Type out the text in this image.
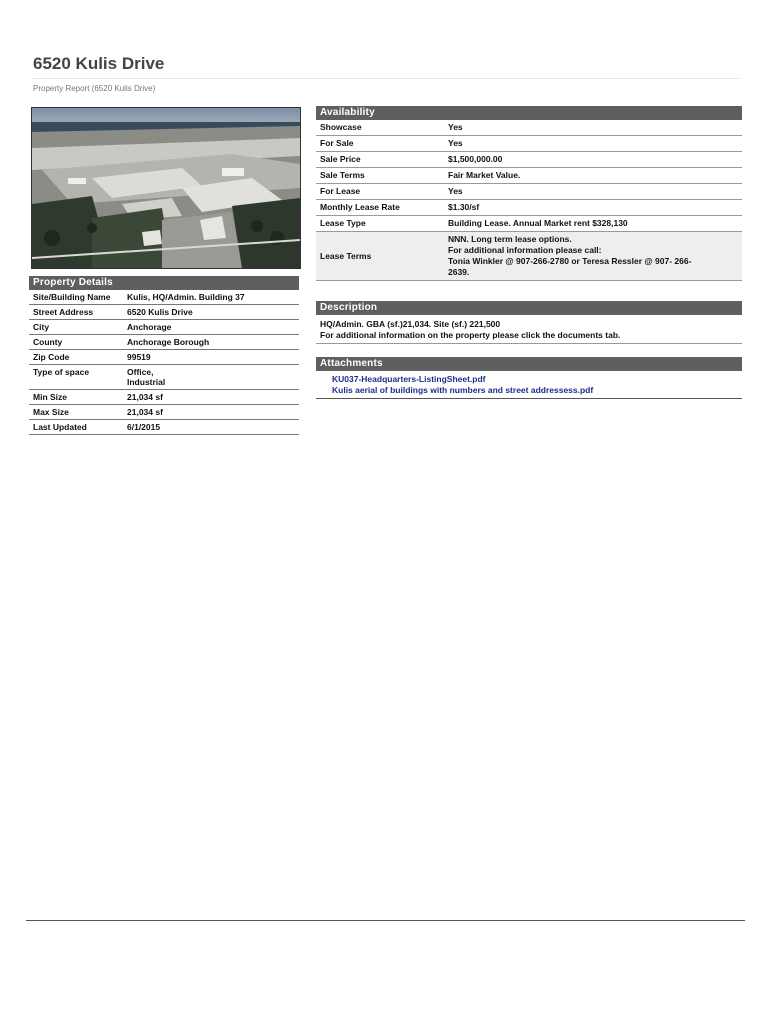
6520 Kulis Drive
Property Report (6520 Kulis Drive)
Property Details
Site/Building Name	Kulis, HQ/Admin. Building 37
Street Address	6520 Kulis Drive
City	Anchorage
County	Anchorage Borough
Zip Code	99519
Type of space	Office,
Industrial
Min Size	21,034 sf
Max Size	21,034 sf
Last Updated	6/1/2015
Availability
Showcase	Yes
For Sale	Yes
Sale Price	$1,500,000.00
Sale Terms	Fair Market Value.
For Lease	Yes
Monthly Lease Rate	$1.30/sf
Lease Type	Building Lease. Annual Market rent $328,130
Lease Terms	NNN. Long term lease options.
For additional information please call:
Tonia Winkler @ 907-266-2780 or Teresa Ressler @ 907- 266-
2639.
Description
HQ/Admin. GBA (sf.)21,034. Site (sf.) 221,500
For additional information on the property please click the documents tab.
Attachments
KU037-Headquarters-ListingSheet.pdf
Kulis aerial of buildings with numbers and street addressess.pdf
